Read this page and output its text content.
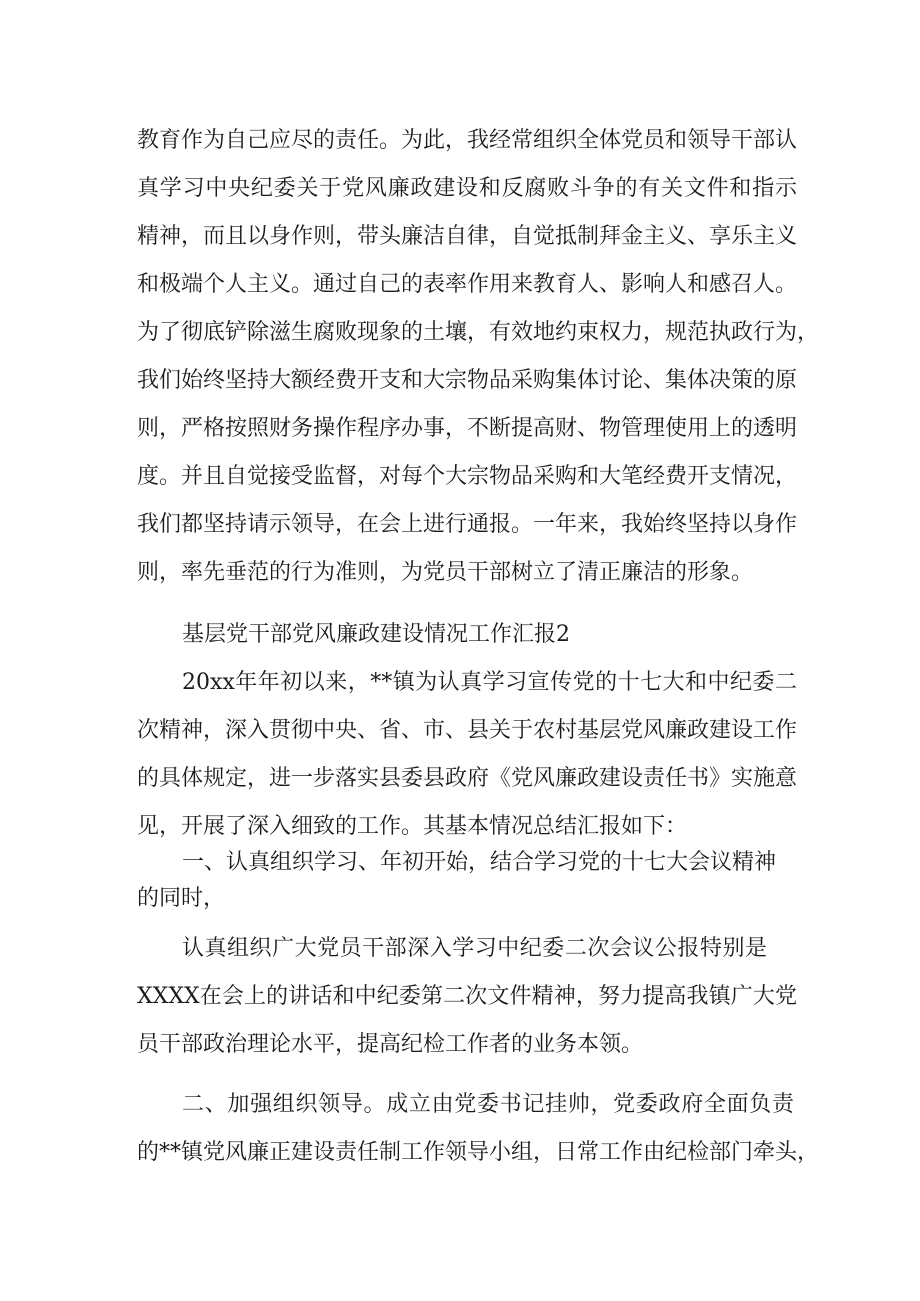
教育作为自己应尽的责任。为此，我经常组织全体党员和领导干部认
真学习中央纪委关于党风廉政建设和反腐败斗争的有关文件和指示
精神，而且以身作则，带头廉洁自律，自觉抵制拜金主义、享乐主义
和极端个人主义。通过自己的表率作用来教育人、影响人和感召人。
为了彻底铲除滋生腐败现象的土壤，有效地约束权力，规范执政行为，
我们始终坚持大额经费开支和大宗物品采购集体讨论、集体决策的原
则，严格按照财务操作程序办事，不断提高财、物管理使用上的透明
度。并且自觉接受监督，对每个大宗物品采购和大笔经费开支情况，
我们都坚持请示领导，在会上进行通报。一年来，我始终坚持以身作
则，率先垂范的行为准则，为党员干部树立了清正廉洁的形象。
基层党干部党风廉政建设情况工作汇报2
20xx年年初以来，**镇为认真学习宣传党的十七大和中纪委二
次精神，深入贯彻中央、省、市、县关于农村基层党风廉政建设工作
的具体规定，进一步落实县委县政府《党风廉政建设责任书》实施意
见，开展了深入细致的工作。其基本情况总结汇报如下：
一、认真组织学习、年初开始，结合学习党的十七大会议精神
的同时，
认真组织广大党员干部深入学习中纪委二次会议公报特别是
XXXX在会上的讲话和中纪委第二次文件精神，努力提高我镇广大党
员干部政治理论水平，提高纪检工作者的业务本领。
二、加强组织领导。成立由党委书记挂帅，党委政府全面负责
的**镇党风廉正建设责任制工作领导小组，日常工作由纪检部门牵头，
